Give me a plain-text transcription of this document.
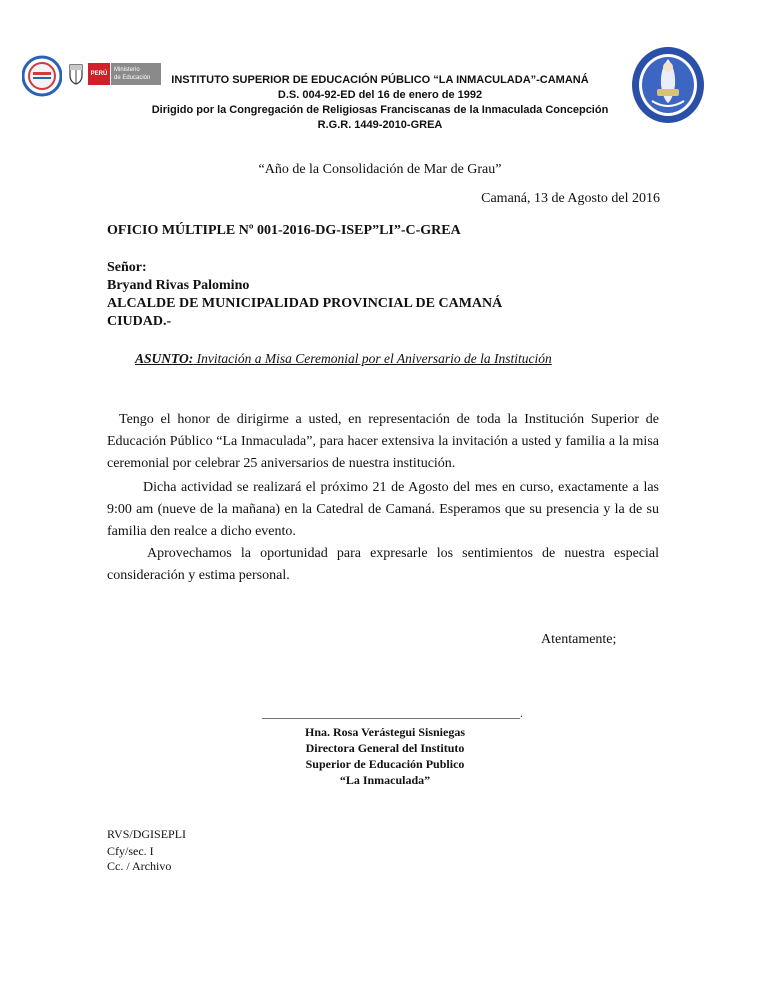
PERÚ
Ministerio
de Educación	INSTITUTO SUPERIOR DE EDUCACIÓN PÚBLICO “LA INMACULADA”-CAMANÁ
D.S. 004-92-ED del 16 de enero de 1992
Dirigido por la Congregación de Religiosas Franciscanas de la Inmaculada Concepción
R.G.R. 1449-2010-GREA
“Año de la Consolidación de Mar de Grau”
Camaná, 13 de Agosto del 2016
OFICIO MÚLTIPLE Nº 001-2016-DG-ISEP”LI”-C-GREA
Señor:
Bryand Rivas Palomino
ALCALDE DE MUNICIPALIDAD PROVINCIAL DE CAMANÁ
CIUDAD.-
ASUNTO: Invitación a Misa Ceremonial por el Aniversario de la Institución
Tengo el honor de dirigirme a usted, en representación de toda la Institución Superior de Educación Público “La Inmaculada”, para hacer extensiva la invitación a usted y familia a la misa ceremonial por celebrar 25 aniversarios de nuestra institución.
Dicha actividad se realizará el próximo 21 de Agosto del mes en curso, exactamente a las 9:00 am (nueve de la mañana) en la Catedral de Camaná. Esperamos que su presencia y la de su familia den realce a dicho evento.
Aprovechamos la oportunidad para expresarle los sentimientos de nuestra especial consideración y estima personal.
Atentamente;
___________________________________________.
Hna. Rosa Verástegui Sisniegas
Directora General del Instituto
Superior de Educación Publico
“La Inmaculada”
RVS/DGISEPLI
Cfy/sec. I
Cc. / Archivo
